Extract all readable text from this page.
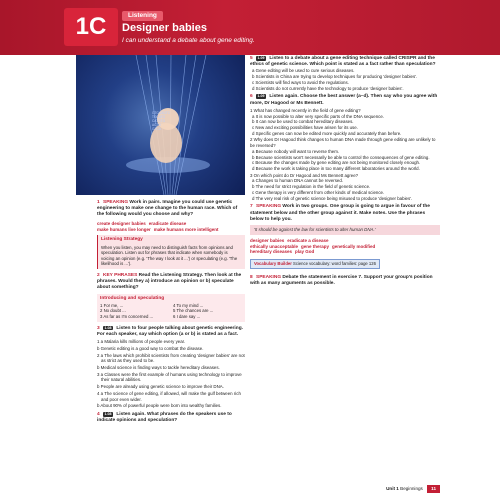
1C	Listening
Designer babies
I can understand a debate about gene editing.
GTGCAGTC
TGCATG
CATGTG
ACTG
GTCA
1 SPEAKING Work in pairs. Imagine you could use genetic engineering to make one change to the human race. Which of the following would you choose and why?
create designer babies eradicate disease
make humans live longer make humans more intelligent
Listening Strategy

When you listen, you may need to distinguish facts from opinions and speculation. Listen out for phrases that indicate when somebody is voicing an opinion (e.g. 'The way I look at it ...') or speculating (e.g. 'The likelihood is ...').

2 KEY PHRASES Read the Listening Strategy. Then look at the phrases. Would they a) introduce an opinion or b) speculate about something?
Introducing and speculating
1 For me, ...	4 To my mind ...
2 No doubt ...	5 The chances are ...
3 As far as I'm concerned ...	6 I dare say ...
3 1.08 Listen to four people talking about genetic engineering. For each speaker, say which option (a or b) is stated as a fact.
1 a Malaria kills millions of people every year.
b Genetic editing is a good way to combat the disease.
2 a The laws which prohibit scientists from creating 'designer babies' are not as strict as they used to be.
b Medical science is finding ways to tackle hereditary diseases.
3 a Classes were the first example of humans using technology to improve their natural abilities.
b People are already using genetic science to improve their DNA.
4 a The science of gene editing, if allowed, will make the gulf between rich and poor even wider.
b About 90% of powerful people were born into wealthy families.
4 1.08 Listen again. What phrases do the speakers use to indicate opinions and speculation?
5 1.09 Listen to a debate about a gene editing technique called CRISPR and the ethics of genetic science. Which point is stated as a fact rather than speculation?
a Gene editing will be used to cure serious diseases.
b Scientists in China are trying to develop techniques for producing 'designer babies'.
c Scientists will find ways to avoid the regulations.
d Scientists do not currently have the technology to produce 'designer babies'.
6 1.09 Listen again. Choose the best answer (a–d). Then say who you agree with more, Dr Hagood or Ms Bennett.
1 What has changed recently in the field of gene editing?
a It is now possible to alter very specific parts of the DNA sequence.
b It can now be used to combat hereditary diseases.
c New and exciting possibilities have arisen for its use.
d Specific genes can now be edited more quickly and accurately than before.
2 Why does Dr Hagood think changes to human DNA made through gene editing are unlikely to be reversed?
a Because nobody will want to reverse them.
b Because scientists won't necessarily be able to control the consequences of gene editing.
c Because the changes made by gene editing are not being monitored closely enough.
d Because the work is taking place in too many different laboratories around the world.
3 On which point do Dr Hagood and Ms Bennett agree?
a Changes to human DNA cannot be reversed.
b The need for strict regulation in the field of genetic science.
c Gene therapy is very different from other kinds of medical science.
d The very real risk of genetic science being misused to produce 'designer babies'.
7 SPEAKING Work in two groups. One group is going to argue in favour of the statement below and the other group against it. Make notes. Use the phrases below to help you.
'It should be against the law for scientists to alter human DNA.'
designer babies eradicate a disease
ethically unacceptable gene therapy genetically modified
hereditary diseases play God
Vocabulary Builder Science vocabulary: word families: page 126
8 SPEAKING Debate the statement in exercise 7. Support your group's position with as many arguments as possible.
Unit 1 Beginnings 11
